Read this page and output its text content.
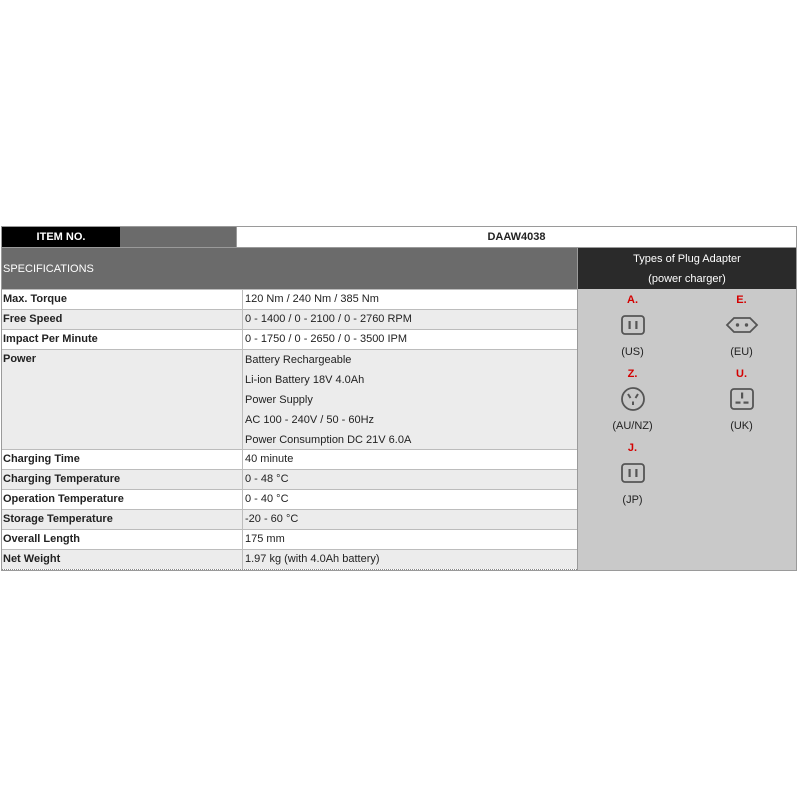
ITEM NO.	DAAW4038
SPECIFICATIONS
Max. Torque	120 Nm / 240 Nm / 385 Nm
Free Speed	0 - 1400 / 0 - 2100 / 0 - 2760 RPM
Impact Per Minute	0 - 1750 / 0 - 2650 / 0 - 3500 IPM
Power	Battery Rechargeable
Li-ion Battery 18V 4.0Ah
Power Supply
AC 100 - 240V / 50 - 60Hz
Power Consumption DC 21V 6.0A
Charging Time	40 minute
Charging Temperature	0 - 48 °C
Operation Temperature	0 - 40 °C
Storage Temperature	-20 - 60 °C
Overall Length	175 mm
Net Weight	1.97 kg (with 4.0Ah battery)
Types of Plug Adapter
(power charger)
A.
(US)
E.
(EU)
Z.
(AU/NZ)
U.
(UK)
J.
(JP)
